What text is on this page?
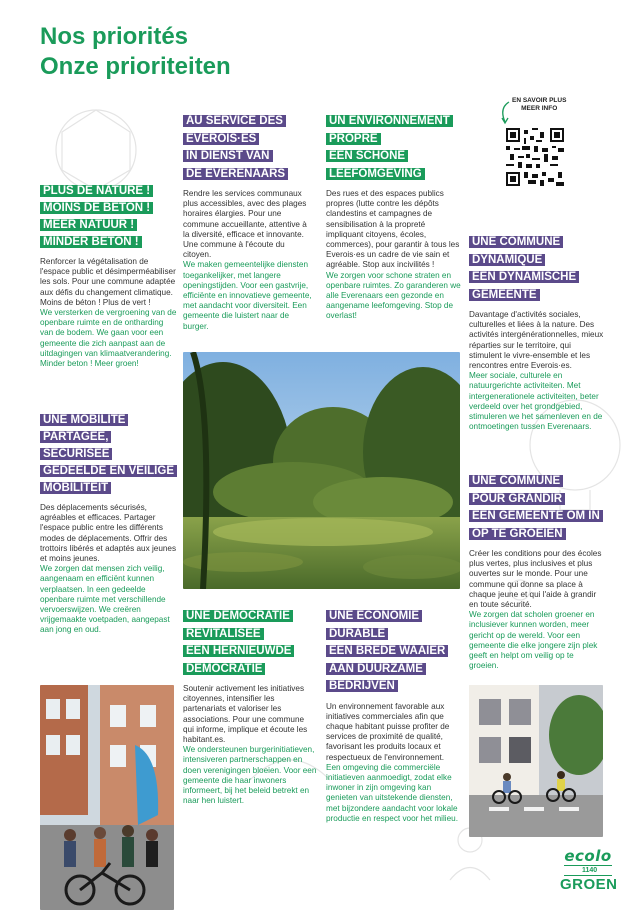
Nos priorités
Onze prioriteiten
EN SAVOIR PLUS
MEER INFO
PLUS DE NATURE !
MOINS DE BÉTON !
MEER NATUUR !
MINDER BETON !

Renforcer la végétalisation de l'espace public et désimperméabiliser les sols. Pour une commune adaptée aux défis du changement climatique. Moins de béton ! Plus de vert !

We versterken de vergroening van de openbare ruimte en de ontharding van de bodem. We gaan voor een gemeente die zich aanpast aan de uitdagingen van klimaatverandering. Minder beton ! Meer groen!

UNE MOBILITÉ
PARTAGÉE,
SÉCURISÉE
GEDEELDE EN VEILIGE
MOBILITEIT

Des déplacements sécurisés, agréables et efficaces. Partager l'espace public entre les différents modes de déplacements. Offrir des trottoirs libérés et adaptés aux jeunes et moins jeunes.

We zorgen dat mensen zich veilig, aangenaam en efficiënt kunnen verplaatsen. In een gedeelde openbare ruimte met verschillende vervoerswijzen. We creëren vrijgemaakte voetpaden, aangepast aan jong en oud.

AU SERVICE DES
EVEROIS·ES
IN DIENST VAN
DE EVERENAARS

Rendre les services communaux plus accessibles, avec des plages horaires élargies. Pour une commune accueillante, attentive à la diversité, efficace et innovante. Une commune à l'écoute du citoyen.

We maken gemeentelijke diensten toegankelijker, met langere openingstijden. Voor een gastvrije, efficiënte en innovatieve gemeente, met aandacht voor diversiteit. Een gemeente die luistert naar de burger.

UN ENVIRONNEMENT
PROPRE
EEN SCHONE
LEEFOMGEVING

Des rues et des espaces publics propres (lutte contre les dépôts clandestins et campagnes de sensibilisation à la propreté impliquant citoyens, écoles, commerces), pour garantir à tous les Everois·es un cadre de vie sain et agréable. Stop aux incivilités !

We zorgen voor schone straten en openbare ruimtes. Zo garanderen we alle Everenaars een gezonde en aangename leefomgeving. Stop de overlast!

UNE COMMUNE
DYNAMIQUE
EEN DYNAMISCHE
GEMEENTE

Davantage d'activités sociales, culturelles et liées à la nature. Des activités intergénérationnelles, mieux réparties sur le territoire, qui stimulent le vivre-ensemble et les rencontres entre Everois·es.

Meer sociale, culturele en natuurgerichte activiteiten. Met intergenerationele activiteiten, beter verdeeld over het grondgebied, stimuleren we het samenleven en de ontmoetingen tussen Everenaars.

UNE COMMUNE
POUR GRANDIR
EEN GEMEENTE OM IN
OP TE GROEIEN

Créer les conditions pour des écoles plus vertes, plus inclusives et plus ouvertes sur le monde. Pour une commune qui donne sa place à chaque jeune et qui l'aide à grandir en toute sécurité.

We zorgen dat scholen groener en inclusiever kunnen worden, meer gericht op de wereld. Voor een gemeente die elke jongere zijn plek geeft en helpt om veilig op te groeien.

UNE DÉMOCRATIE
REVITALISÉE
EEN HERNIEUWDE
DEMOCRATIE

Soutenir activement les initiatives citoyennes, intensifier les partenariats et valoriser les associations. Pour une commune qui informe, implique et écoute les habitant.es.

We ondersteunen burgerinitiatieven, intensiveren partnerschappen en doen verenigingen bloeien. Voor een gemeente die haar inwoners informeert, bij het beleid betrekt en naar hen luistert.

UNE ÉCONOMIE
DURABLE
EEN BREDE WAAIER
AAN DUURZAME
BEDRIJVEN

Un environnement favorable aux initiatives commerciales afin que chaque habitant puisse profiter de services de proximité de qualité, favorisant les produits locaux et respectueux de l'environnement.

Een omgeving die commerciële initiatieven aanmoedigt, zodat elke inwoner in zijn omgeving kan genieten van uitstekende diensten, met bijzondere aandacht voor lokale productie en respect voor het milieu.

ecolo
1140
GROEN
